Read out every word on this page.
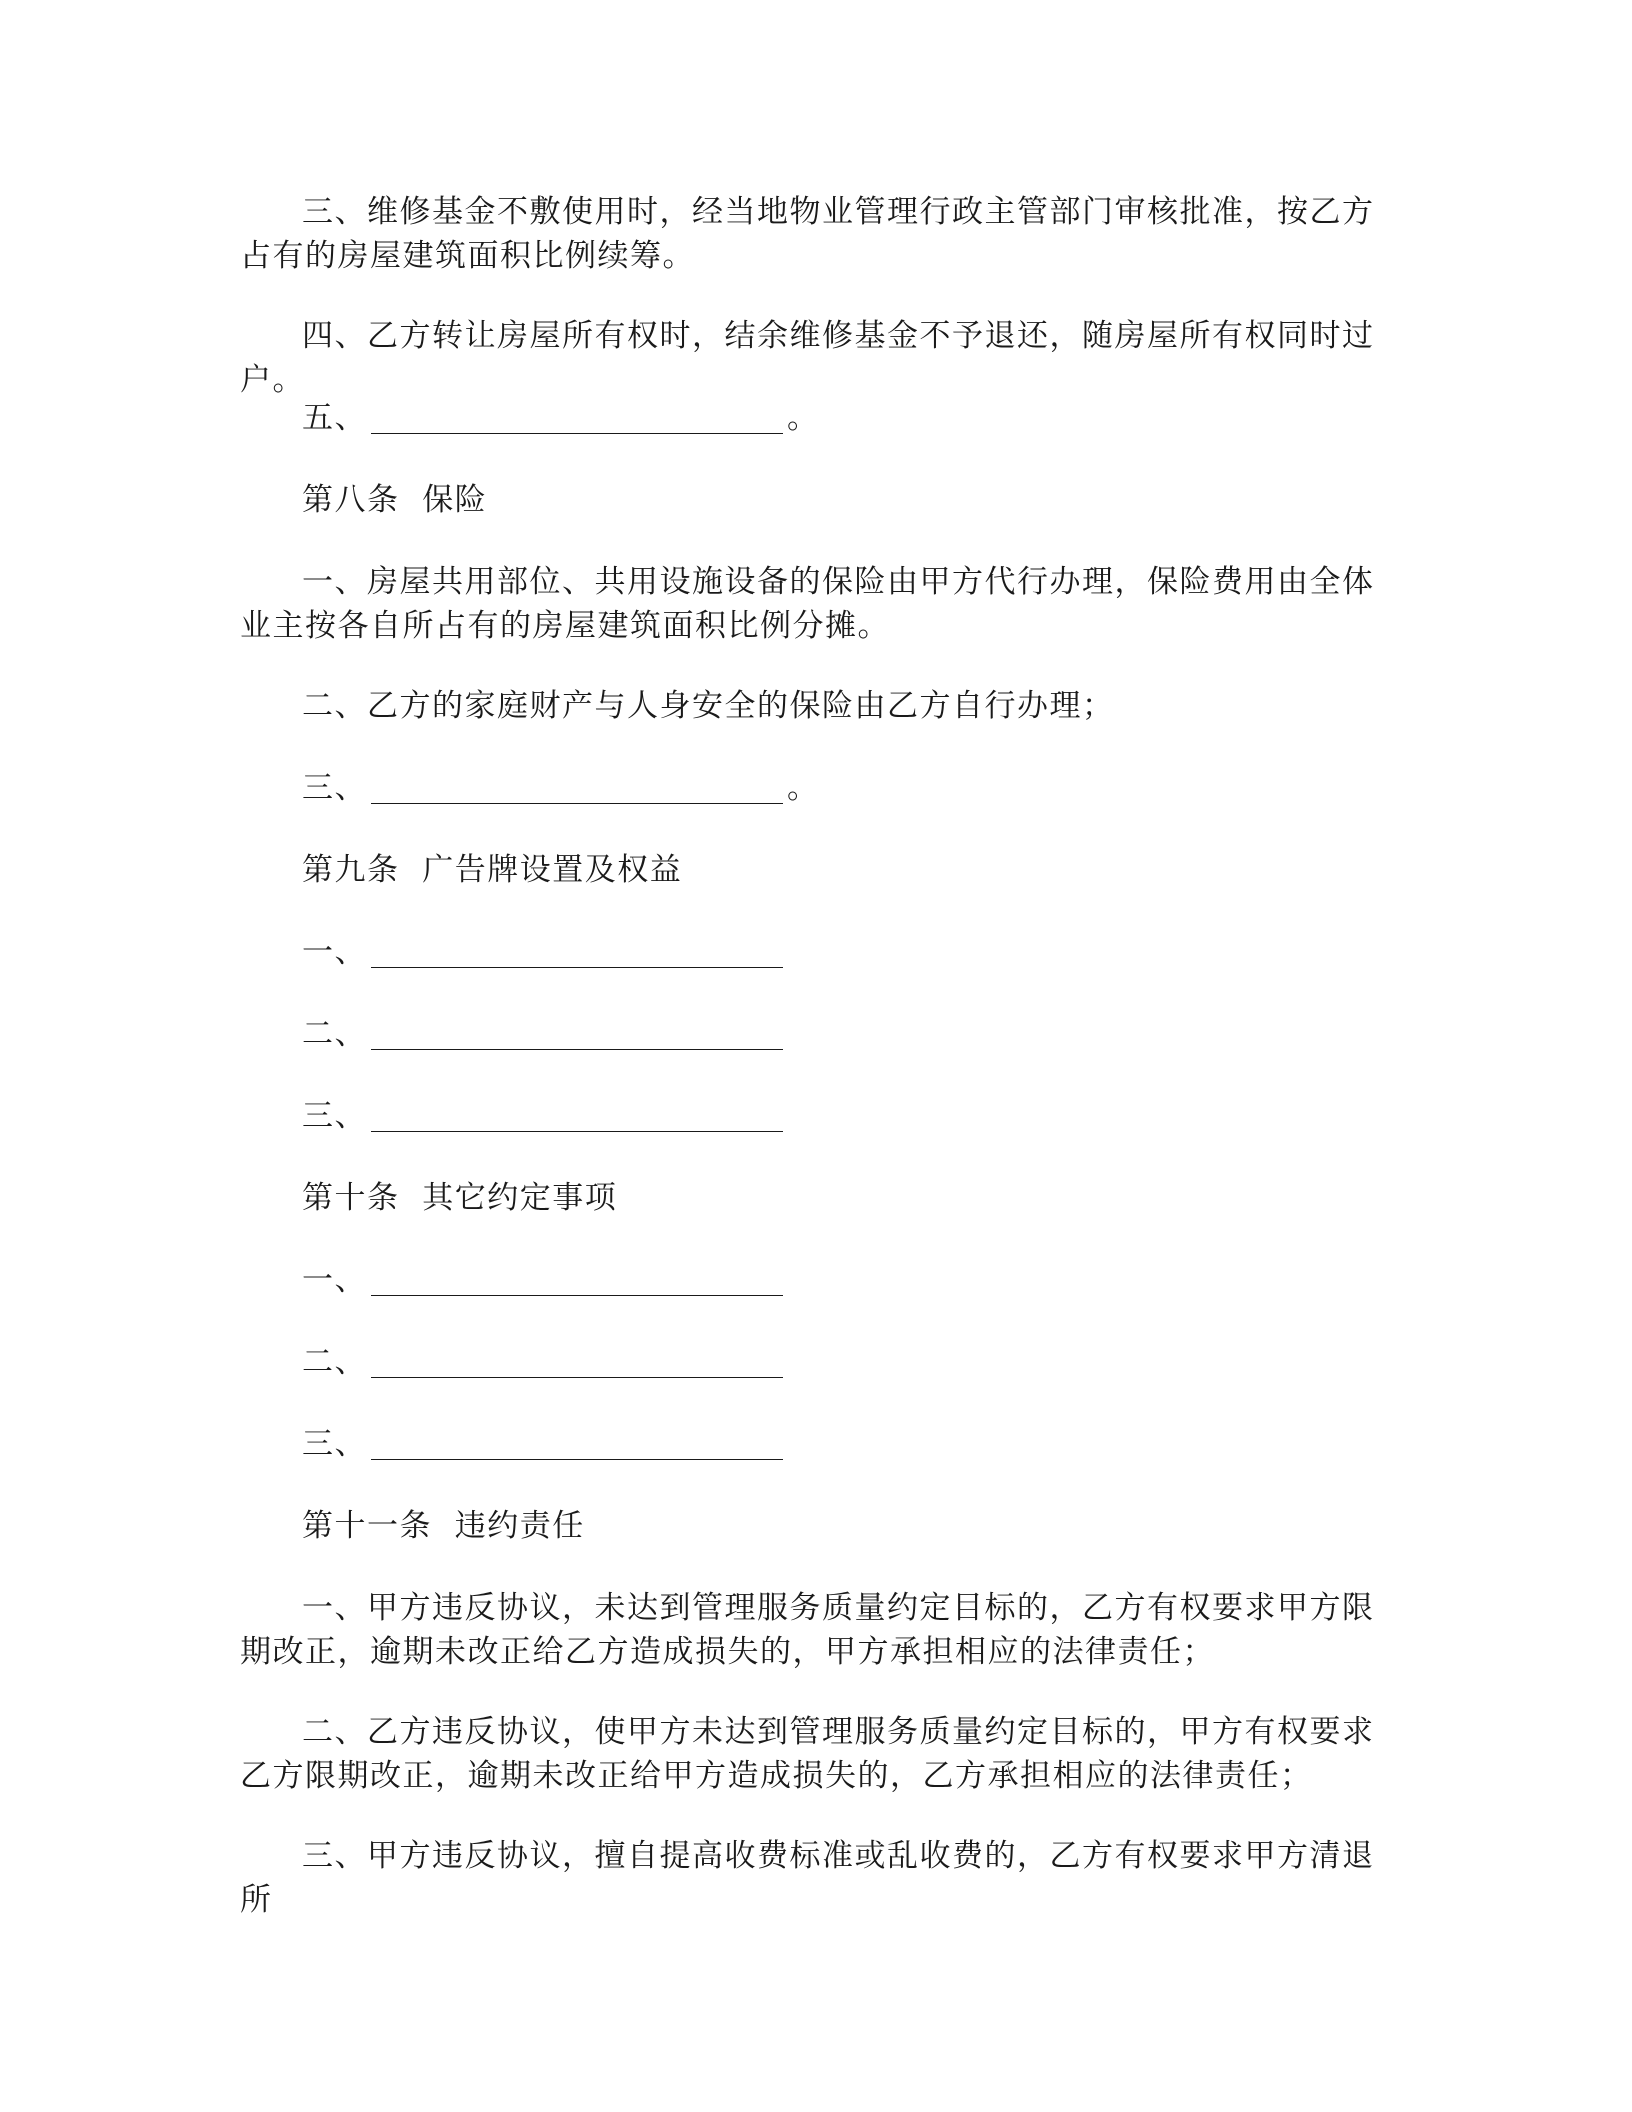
三、维修基金不敷使用时，经当地物业管理行政主管部门审核批准，按乙方占有的房屋建筑面积比例续筹。

四、乙方转让房屋所有权时，结余维修基金不予退还，随房屋所有权同时过户。

五、	。

第八条  保险

一、房屋共用部位、共用设施设备的保险由甲方代行办理，保险费用由全体业主按各自所占有的房屋建筑面积比例分摊。

二、乙方的家庭财产与人身安全的保险由乙方自行办理；

三、	。

第九条  广告牌设置及权益

一、

二、

三、

第十条  其它约定事项

一、

二、

三、

第十一条  违约责任

一、甲方违反协议，未达到管理服务质量约定目标的，乙方有权要求甲方限期改正，逾期未改正给乙方造成损失的，甲方承担相应的法律责任；

二、乙方违反协议，使甲方未达到管理服务质量约定目标的，甲方有权要求乙方限期改正，逾期未改正给甲方造成损失的，乙方承担相应的法律责任；

三、甲方违反协议，擅自提高收费标准或乱收费的，乙方有权要求甲方清退所
